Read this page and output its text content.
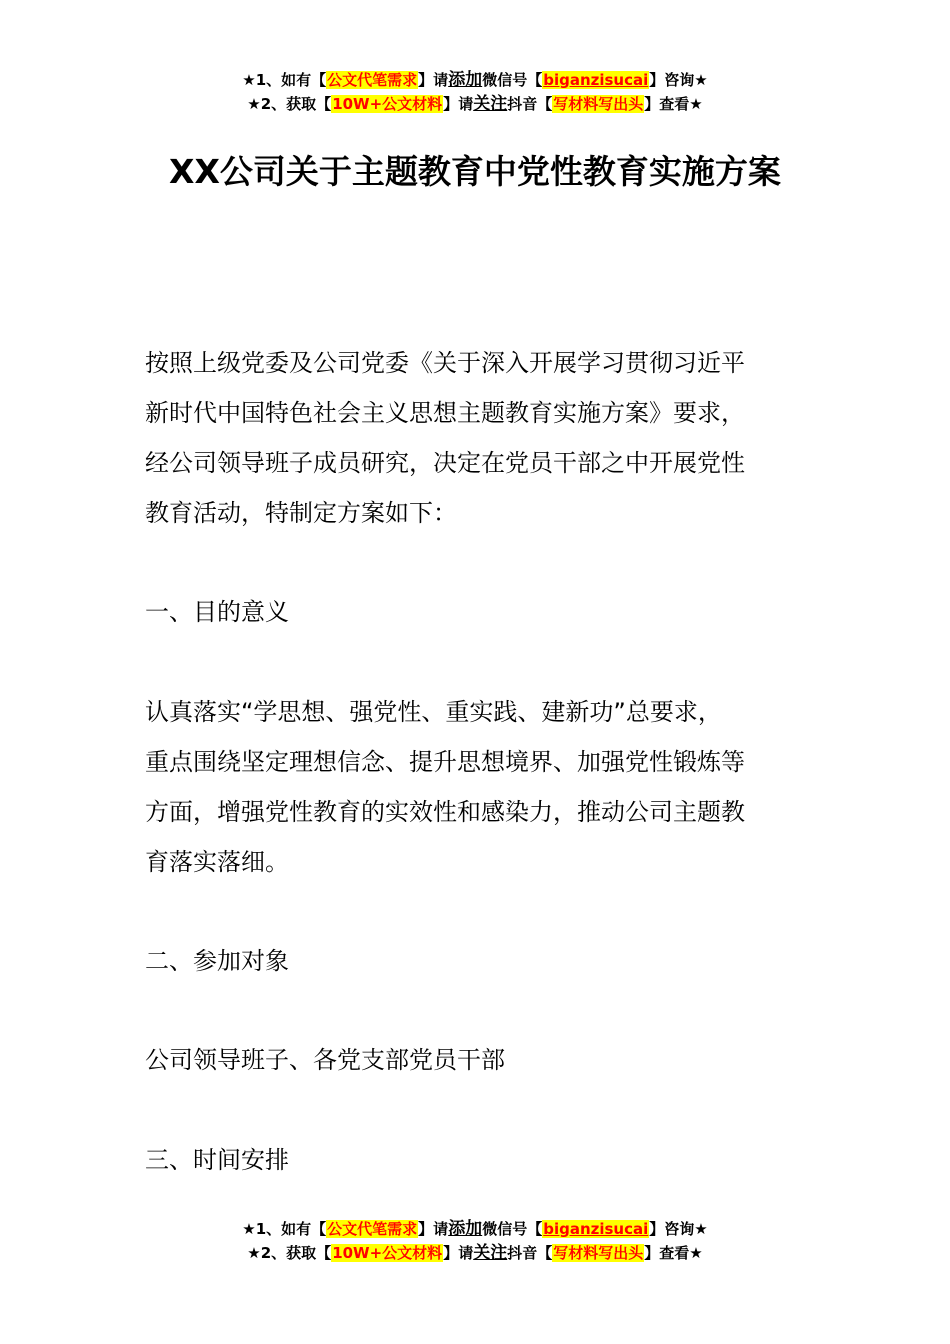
★1、如有【公文代笔需求】请添加微信号【biganzisucai】咨询★
★2、获取【10W+公文材料】请关注抖音【写材料写出头】查看★
XX公司关于主题教育中党性教育实施方案

按照上级党委及公司党委《关于深入开展学习贯彻习近平

新时代中国特色社会主义思想主题教育实施方案》要求，

经公司领导班子成员研究，决定在党员干部之中开展党性

教育活动，特制定方案如下：

一、目的意义

认真落实“学思想、强党性、重实践、建新功”总要求，

重点围绕坚定理想信念、提升思想境界、加强党性锻炼等

方面，增强党性教育的实效性和感染力，推动公司主题教

育落实落细。

二、参加对象
公司领导班子、各党支部党员干部
三、时间安排
★1、如有【公文代笔需求】请添加微信号【biganzisucai】咨询★
★2、获取【10W+公文材料】请关注抖音【写材料写出头】查看★
